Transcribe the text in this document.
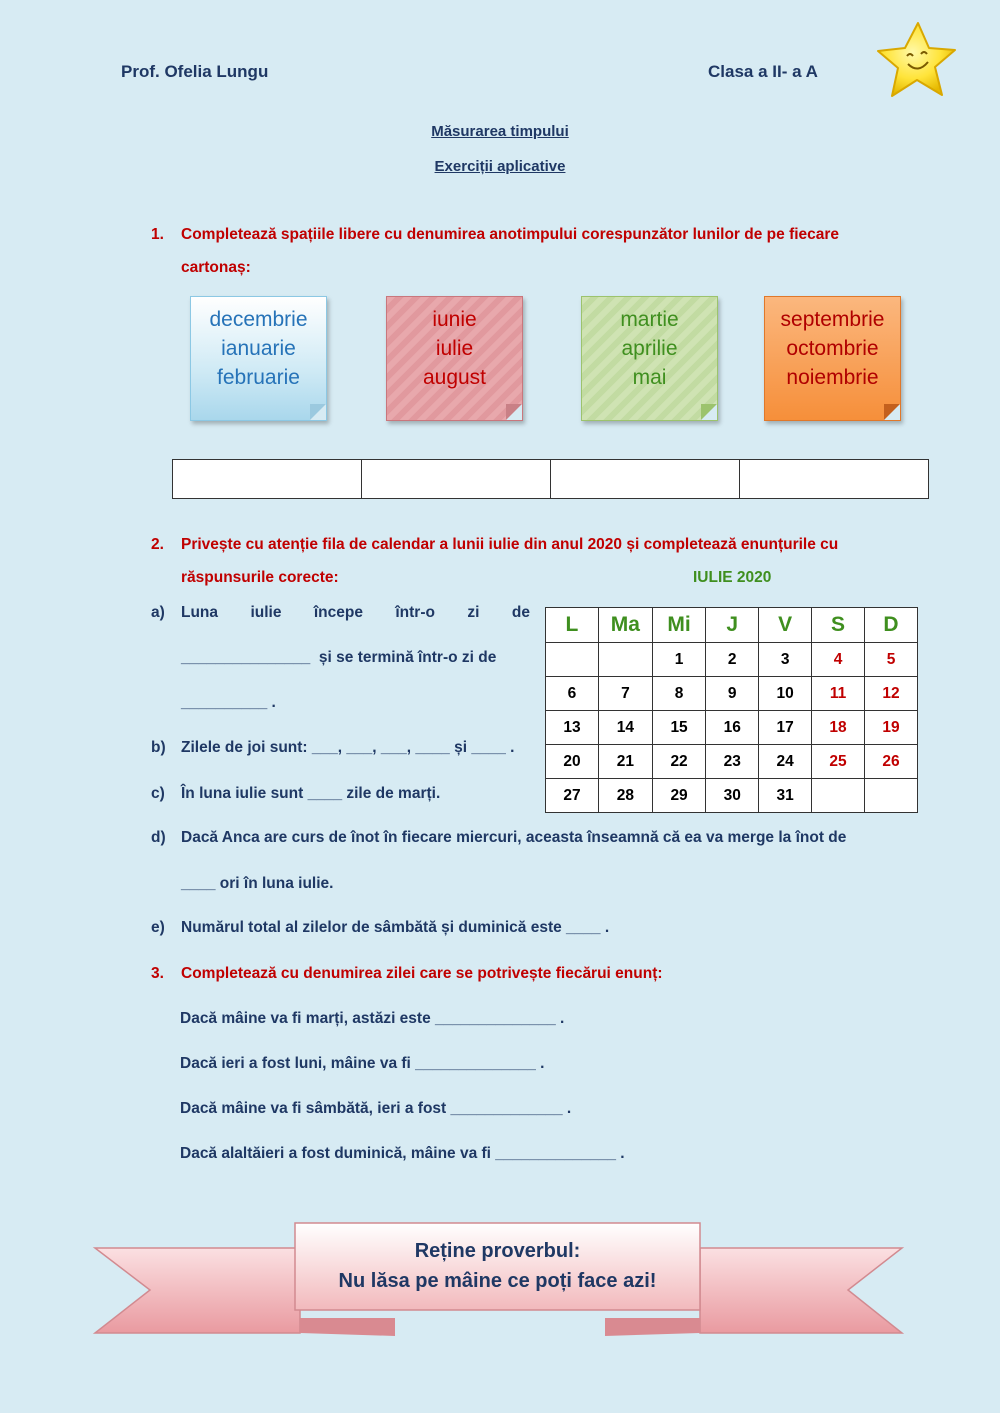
Prof. Ofelia Lungu	Clasa a II- a A
Măsurarea timpului
Exerciții aplicative
1. Completează spațiile libere cu denumirea anotimpului corespunzător lunilor de pe fiecare
cartonaș:
decembrie
ianuarie
februarie
iunie
iulie
august
martie
aprilie
mai
septembrie
octombrie
noiembrie

2. Privește cu atenție fila de calendar a lunii iulie din anul 2020 și completează enunțurile cu
răspunsurile corecte:	IULIE 2020
a) Luna iulie începe într-o zi de
_______________  și se termină într-o zi de
__________ .
b) Zilele de joi sunt: ___, ___, ___, ____ și ____ .
c) În luna iulie sunt ____ zile de marți.
L	Ma	Mi	J	V	S	D
		1	2	3	4	5
6	7	8	9	10	11	12
13	14	15	16	17	18	19
20	21	22	23	24	25	26
27	28	29	30	31		
d) Dacă Anca are curs de înot în fiecare miercuri, aceasta înseamnă că ea va merge la înot de
____ ori în luna iulie.
e) Numărul total al zilelor de sâmbătă și duminică este ____ .
3. Completează cu denumirea zilei care se potrivește fiecărui enunț:
Dacă mâine va fi marți, astăzi este ______________ .
Dacă ieri a fost luni, mâine va fi ______________ .
Dacă mâine va fi sâmbătă, ieri a fost _____________ .
Dacă alaltăieri a fost duminică, mâine va fi ______________ .
Reține proverbul:
Nu lăsa pe mâine ce poți face azi!
